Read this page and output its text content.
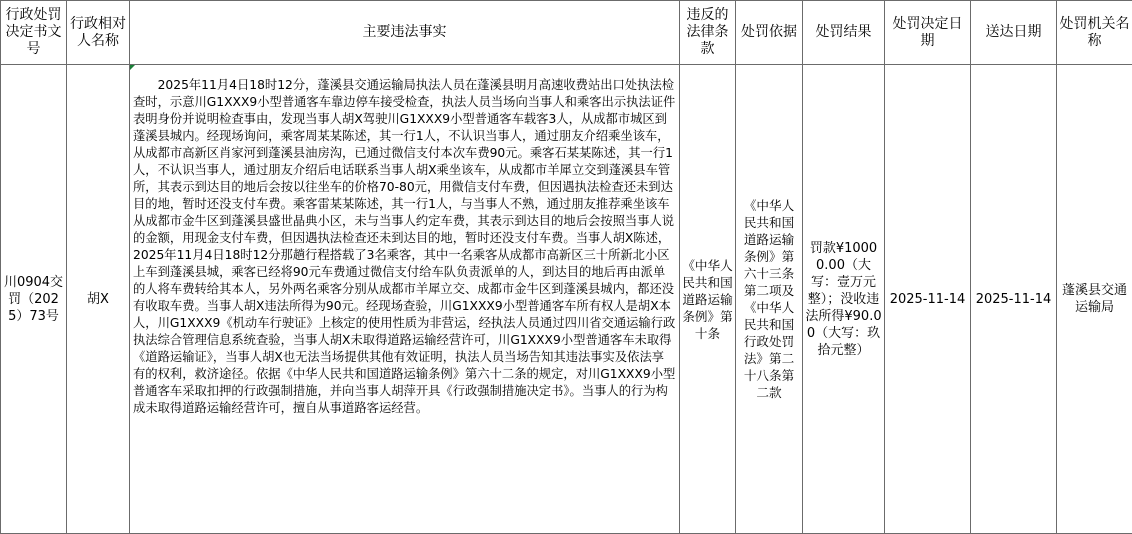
行政处罚决定书文号	行政相对人名称	主要违法事实	违反的法律条款	处罚依据	处罚结果	处罚决定日期	送达日期	处罚机关名称
川0904交罚（2025）73号	胡X	2025年11月4日18时12分，蓬溪县交通运输局执法人员在蓬溪县明月高速收费站出口处执法检查时，示意川G1XXX9小型普通客车靠边停车接受检查，执法人员当场向当事人和乘客出示执法证件表明身份并说明检查事由，发现当事人胡X驾驶川G1XXX9小型普通客车载客3人，从成都市城区到蓬溪县城内。经现场询问，乘客周某某陈述，其一行1人，不认识当事人，通过朋友介绍乘坐该车，从成都市高新区肖家河到蓬溪县油房沟，已通过微信支付本次车费90元。乘客石某某陈述，其一行1人，不认识当事人，通过朋友介绍后电话联系当事人胡X乘坐该车，从成都市羊犀立交到蓬溪县车管所，其表示到达目的地后会按以往坐车的价格70-80元，用微信支付车费，但因遇执法检查还未到达目的地，暂时还没支付车费。乘客雷某某陈述，其一行1人，与当事人不熟，通过朋友推荐乘坐该车从成都市金牛区到蓬溪县盛世晶典小区，未与当事人约定车费，其表示到达目的地后会按照当事人说的金额，用现金支付车费，但因遇执法检查还未到达目的地，暂时还没支付车费。当事人胡X陈述，2025年11月4日18时12分那趟行程搭载了3名乘客，其中一名乘客从成都市高新区三十所新北小区上车到蓬溪县城，乘客已经将90元车费通过微信支付给车队负责派单的人，到达目的地后再由派单的人将车费转给其本人，另外两名乘客分别从成都市羊犀立交、成都市金牛区到蓬溪县城内，都还没有收取车费。当事人胡X违法所得为90元。经现场查验，川G1XXX9小型普通客车所有权人是胡X本人，川G1XXX9《机动车行驶证》上核定的使用性质为非营运，经执法人员通过四川省交通运输行政执法综合管理信息系统查验，当事人胡X未取得道路运输经营许可，川G1XXX9小型普通客车未取得《道路运输证》，当事人胡X也无法当场提供其他有效证明，执法人员当场告知其违法事实及依法享有的权利，救济途径。依据《中华人民共和国道路运输条例》第六十二条的规定，对川G1XXX9小型普通客车采取扣押的行政强制措施，并向当事人胡萍开具《行政强制措施决定书》。当事人的行为构成未取得道路运输经营许可，擅自从事道路客运经营。	《中华人民共和国道路运输条例》第十条	《中华人民共和国道路运输条例》第六十三条第二项及《中华人民共和国行政处罚法》第二十八条第二款	罚款¥10000.00（大写：壹万元整）；没收违法所得¥90.00（大写：玖拾元整）	2025-11-14	2025-11-14	蓬溪县交通运输局
